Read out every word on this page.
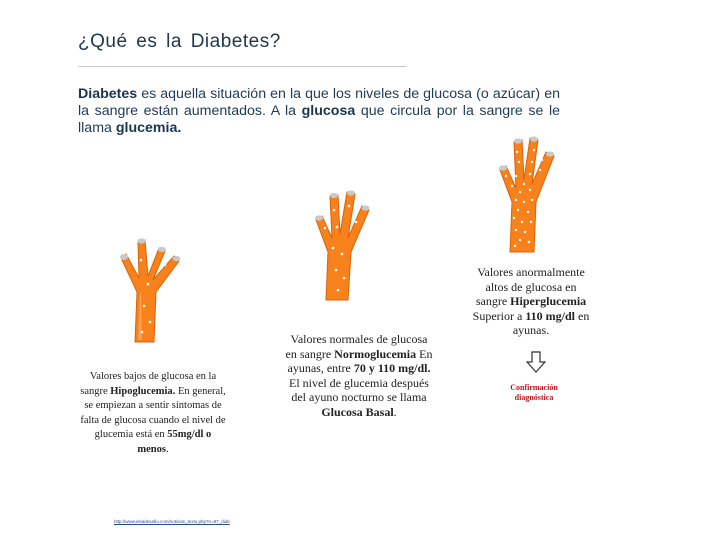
¿Qué es la Diabetes?
Diabetes es aquella situación en la que los niveles de glucosa (o azúcar) en la sangre están aumentados. A la glucosa que circula por la sangre se le llama glucemia.
Valores bajos de glucosa en la sangre Hipoglucemia. En general, se empiezan a sentir síntomas de falta de glucosa cuando el nivel de glucemia está en 55mg/dl o menos.
Valores normales de glucosa en sangre Normoglucemia En ayunas, entre 70 y 110 mg/dl. El nivel de glucemia después del ayuno nocturno se llama Glucosa Basal.
Valores anormalmente altos de glucosa en sangre Hiperglucemia Superior a 110 mg/dl en ayunas.
Confirmación diagnóstica
http://www.elsadesafio.com/noticias_texto.php?n=87_diab
